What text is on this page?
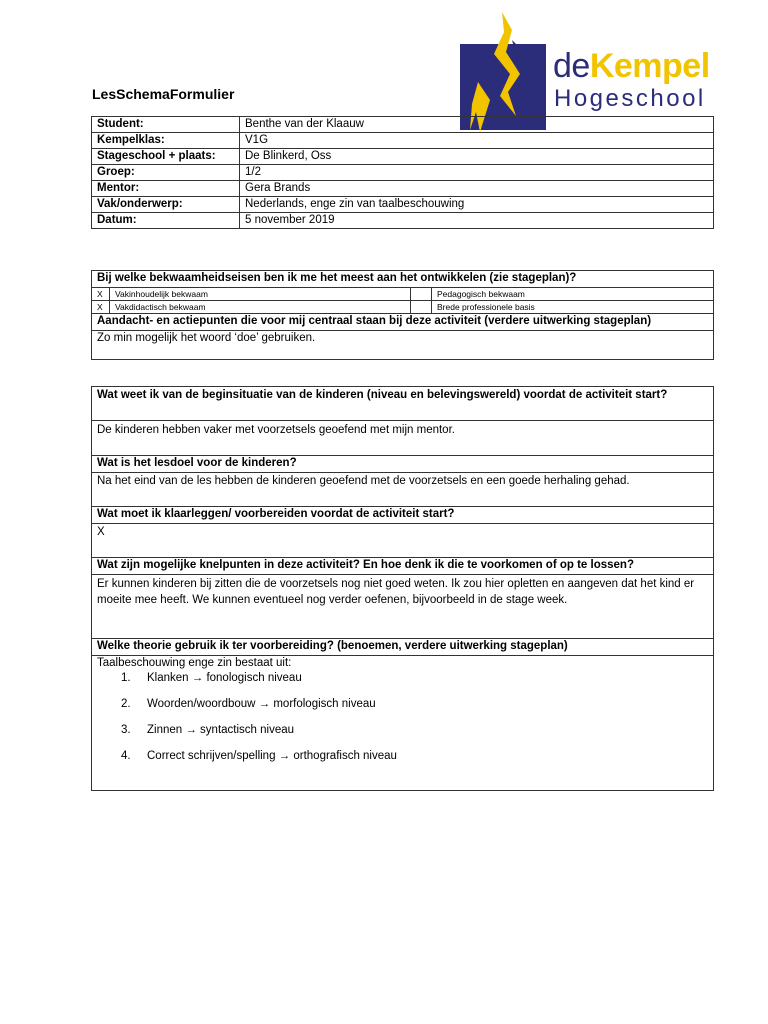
deKempel
Hogeschool
LesSchemaFormulier
Student:	Benthe van der Klaauw
Kempelklas:	V1G
Stageschool + plaats:	De Blinkerd, Oss
Groep:	1/2
Mentor:	Gera Brands
Vak/onderwerp:	Nederlands, enge zin van taalbeschouwing
Datum:	5 november 2019
Bij welke bekwaamheidseisen ben ik me het meest aan het ontwikkelen (zie stageplan)?			
X	Vakinhoudelijk bekwaam		Pedagogisch bekwaam
X	Vakdidactisch bekwaam		Brede professionele basis
Aandacht- en actiepunten die voor mij centraal staan bij deze activiteit (verdere uitwerking stageplan)			
Zo min mogelijk het woord ‘doe’ gebruiken.			
Wat weet ik van de beginsituatie van de kinderen (niveau en belevingswereld) voordat de activiteit start?
De kinderen hebben vaker met voorzetsels geoefend met mijn mentor.
Wat is het lesdoel voor de kinderen?
Na het eind van de les hebben de kinderen geoefend met de voorzetsels en een goede herhaling gehad.
Wat moet ik klaarleggen/ voorbereiden voordat de activiteit start?
X
Wat zijn mogelijke knelpunten in deze activiteit? En hoe denk ik die te voorkomen of op te lossen?
Er kunnen kinderen bij zitten die de voorzetsels nog niet goed weten. Ik zou hier opletten en aangeven dat het kind er moeite mee heeft. We kunnen eventueel nog verder oefenen, bijvoorbeeld in de stage week.
Welke theorie gebruik ik ter voorbereiding? (benoemen, verdere uitwerking stageplan)

Taalbeschouwing enge zin bestaat uit:
1.	Klanken → fonologisch niveau
2.	Woorden/woordbouw → morfologisch niveau
3.	Zinnen → syntactisch niveau
4.	Correct schrijven/spelling → orthografisch niveau
